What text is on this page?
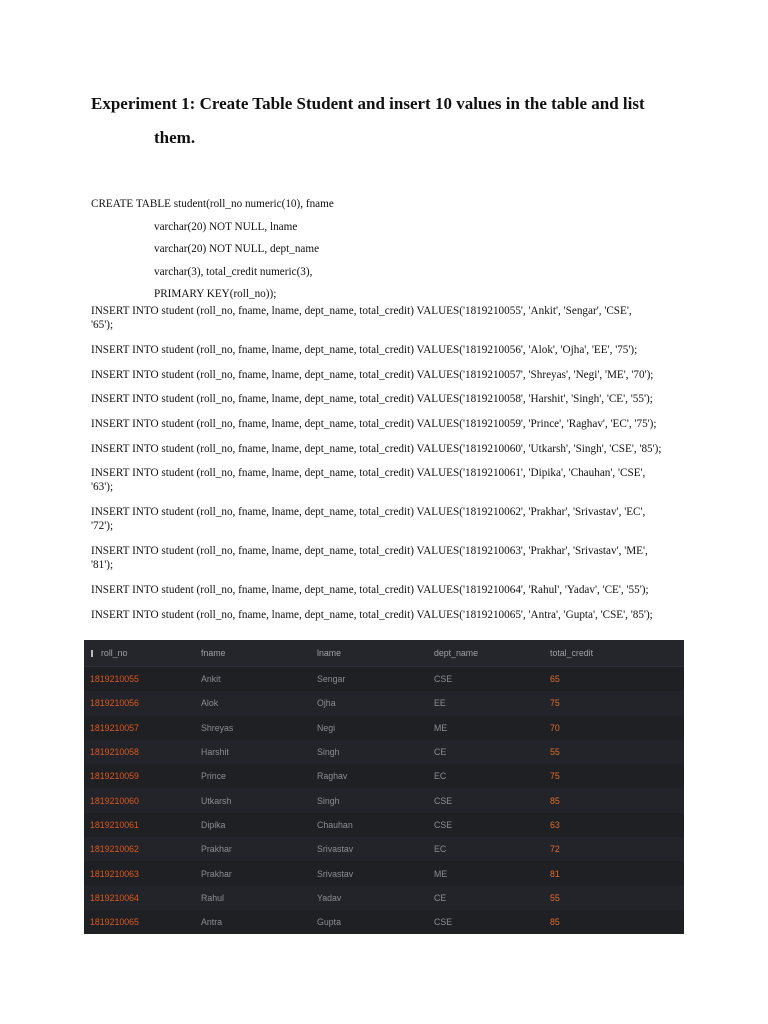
Experiment 1: Create Table Student and insert 10 values in the table and list
them.

CREATE TABLE student(roll_no numeric(10), fname

varchar(20) NOT NULL, lname

varchar(20) NOT NULL, dept_name

varchar(3), total_credit numeric(3),

PRIMARY KEY(roll_no));

INSERT INTO student (roll_no, fname, lname, dept_name, total_credit) VALUES('1819210055', 'Ankit', 'Sengar', 'CSE',
'65');

INSERT INTO student (roll_no, fname, lname, dept_name, total_credit) VALUES('1819210056', 'Alok', 'Ojha', 'EE', '75');

INSERT INTO student (roll_no, fname, lname, dept_name, total_credit) VALUES('1819210057', 'Shreyas', 'Negi', 'ME', '70');

INSERT INTO student (roll_no, fname, lname, dept_name, total_credit) VALUES('1819210058', 'Harshit', 'Singh', 'CE', '55');

INSERT INTO student (roll_no, fname, lname, dept_name, total_credit) VALUES('1819210059', 'Prince', 'Raghav', 'EC', '75');

INSERT INTO student (roll_no, fname, lname, dept_name, total_credit) VALUES('1819210060', 'Utkarsh', 'Singh', 'CSE', '85');

INSERT INTO student (roll_no, fname, lname, dept_name, total_credit) VALUES('1819210061', 'Dipika', 'Chauhan', 'CSE',
'63');

INSERT INTO student (roll_no, fname, lname, dept_name, total_credit) VALUES('1819210062', 'Prakhar', 'Srivastav', 'EC',
'72');

INSERT INTO student (roll_no, fname, lname, dept_name, total_credit) VALUES('1819210063', 'Prakhar', 'Srivastav', 'ME',
'81');

INSERT INTO student (roll_no, fname, lname, dept_name, total_credit) VALUES('1819210064', 'Rahul', 'Yadav', 'CE', '55');

INSERT INTO student (roll_no, fname, lname, dept_name, total_credit) VALUES('1819210065', 'Antra', 'Gupta', 'CSE', '85');

roll_no	fname	lname	dept_name	total_credit
1819210055	Ankit	Sengar	CSE	65
1819210056	Alok	Ojha	EE	75
1819210057	Shreyas	Negi	ME	70
1819210058	Harshit	Singh	CE	55
1819210059	Prince	Raghav	EC	75
1819210060	Utkarsh	Singh	CSE	85
1819210061	Dipika	Chauhan	CSE	63
1819210062	Prakhar	Srivastav	EC	72
1819210063	Prakhar	Srivastav	ME	81
1819210064	Rahul	Yadav	CE	55
1819210065	Antra	Gupta	CSE	85
